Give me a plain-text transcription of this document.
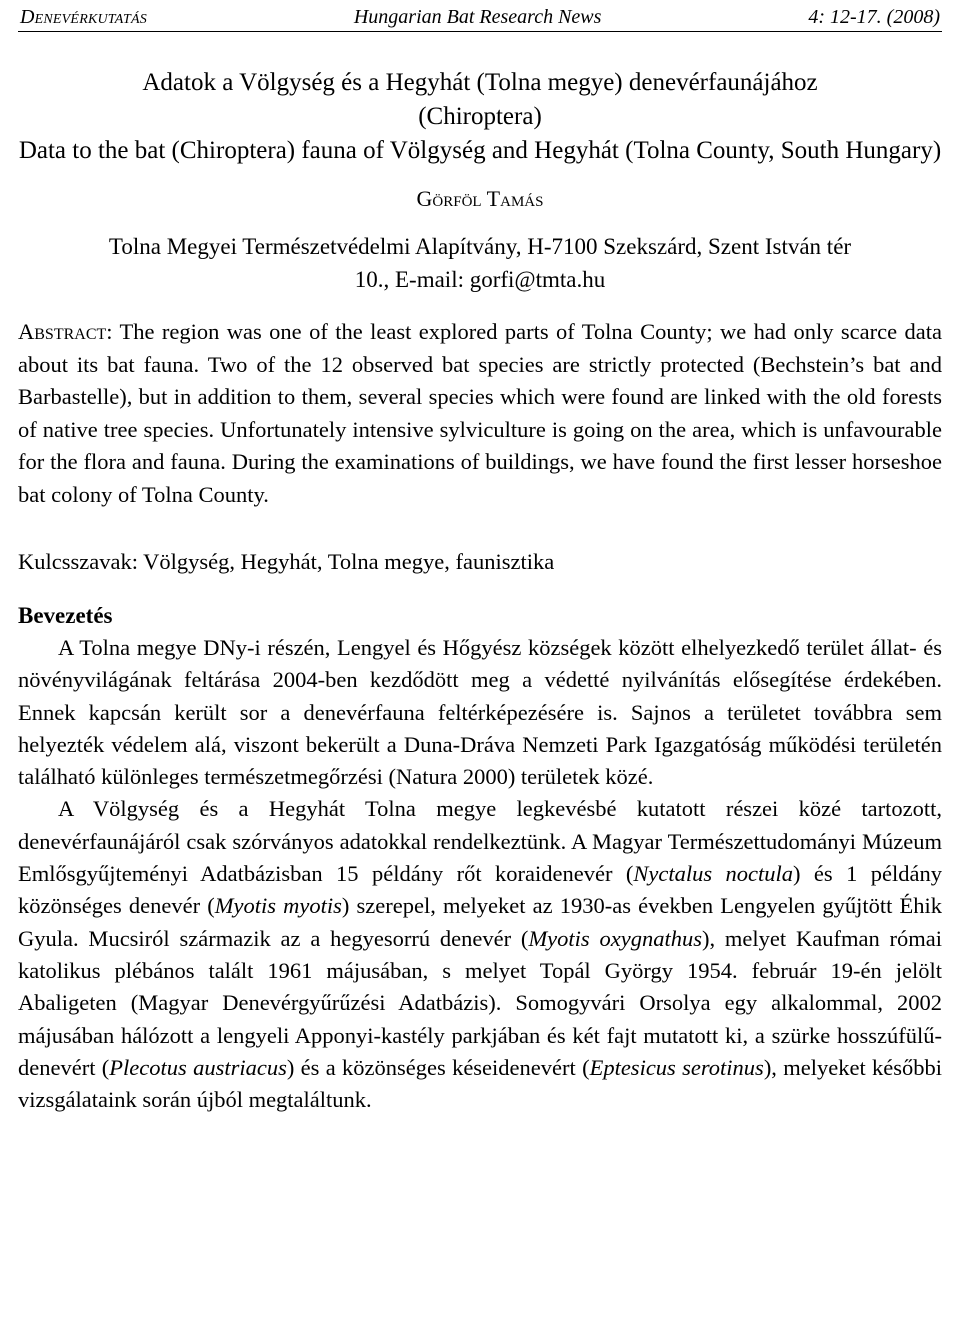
Denevérkutatás	Hungarian Bat Research News	4: 12-17. (2008)

Adatok a Völgység és a Hegyhát (Tolna megye) denevérfaunájához

(Chiroptera)

Data to the bat (Chiroptera) fauna of Völgység and Hegyhát (Tolna County, South Hungary)

Görföl Tamás

Tolna Megyei Természetvédelmi Alapítvány, H-7100 Szekszárd, Szent István tér

10., E-mail: gorfi@tmta.hu

Abstract: The region was one of the least explored parts of Tolna County; we had only scarce data about its bat fauna. Two of the 12 observed bat species are strictly protected (Bechstein’s bat and Barbastelle), but in addition to them, several species which were found are linked with the old forests of native tree species. Unfortunately intensive sylviculture is going on the area, which is unfavourable for the flora and fauna. During the examinations of buildings, we have found the first lesser horseshoe bat colony of Tolna County.
Kulcsszavak: Völgység, Hegyhát, Tolna megye, faunisztika
Bevezetés

A Tolna megye DNy-i részén, Lengyel és Hőgyész községek között elhelyezkedő terület állat- és növényvilágának feltárása 2004-ben kezdődött meg a védetté nyilvánítás elősegítése érdekében. Ennek kapcsán került sor a denevérfauna feltérképezésére is. Sajnos a területet továbbra sem helyezték védelem alá, viszont bekerült a Duna-Dráva Nemzeti Park Igazgatóság működési területén található különleges természetmegőrzési (Natura 2000) területek közé.

A Völgység és a Hegyhát Tolna megye legkevésbé kutatott részei közé tartozott, denevérfaunájáról csak szórványos adatokkal rendelkeztünk. A Magyar Természettudományi Múzeum Emlősgyűjteményi Adatbázisban 15 példány rőt koraidenevér (Nyctalus noctula) és 1 példány közönséges denevér (Myotis myotis) szerepel, melyeket az 1930-as években Lengyelen gyűjtött Éhik Gyula. Mucsiról származik az a hegyesorrú denevér (Myotis oxygnathus), melyet Kaufman római katolikus plébános talált 1961 májusában, s melyet Topál György 1954. február 19-én jelölt Abaligeten (Magyar Denevérgyűrűzési Adatbázis). Somogyvári Orsolya egy alkalommal, 2002 májusában hálózott a lengyeli Apponyi-kastély parkjában és két fajt mutatott ki, a szürke hosszúfülű-denevért (Plecotus austriacus) és a közönséges késeidenevért (Eptesicus serotinus), melyeket későbbi vizsgálataink során újból megtaláltunk.
